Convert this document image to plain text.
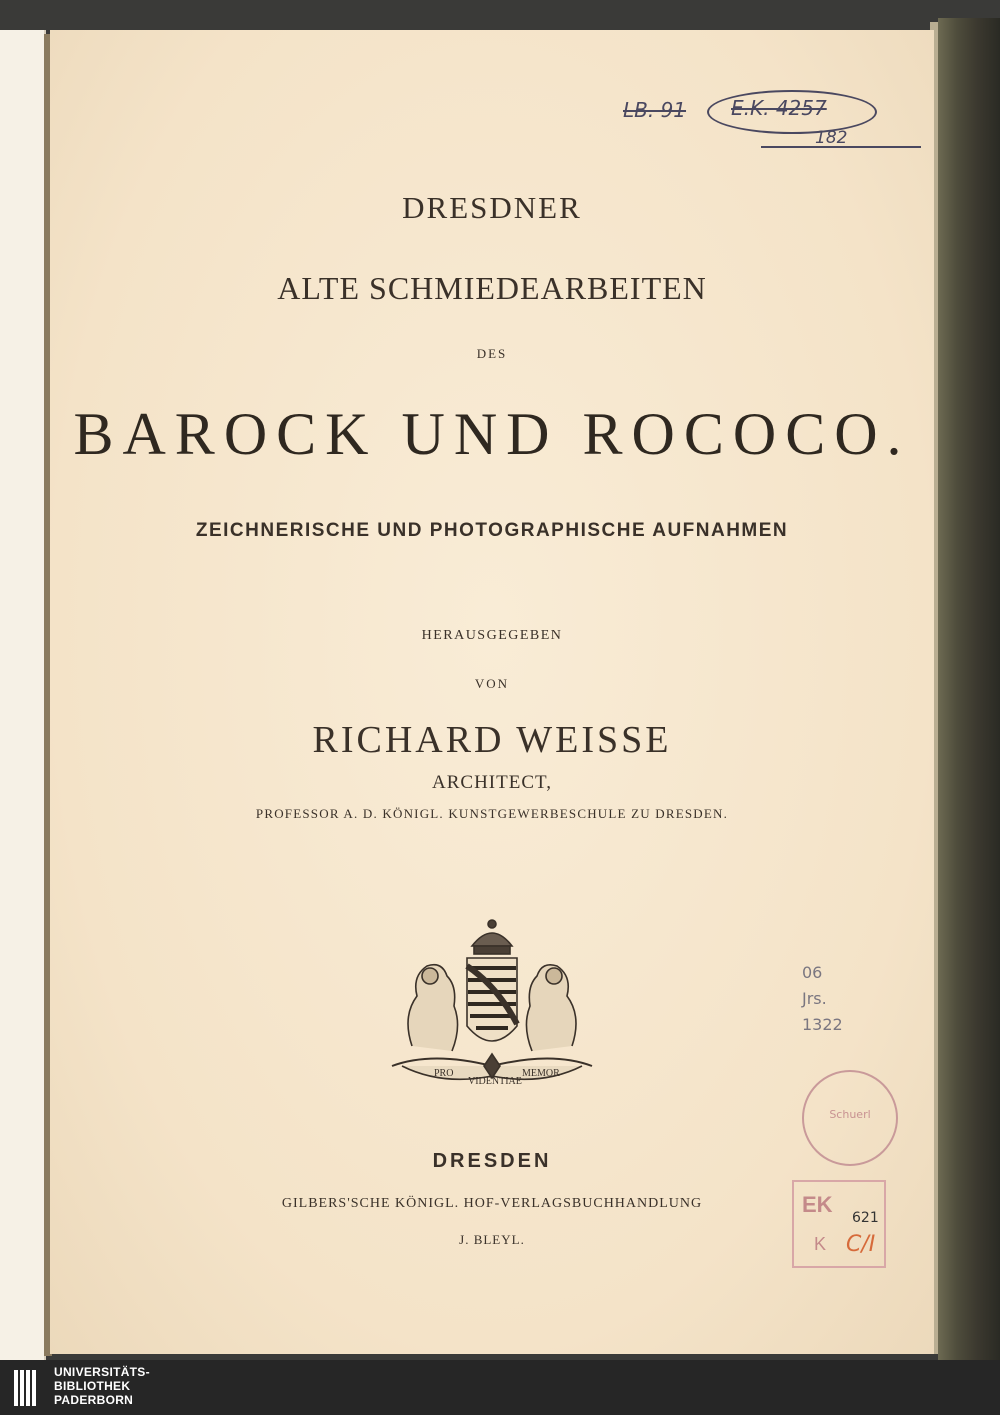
LB. 91 E.K. 4257
182
DRESDNER
ALTE SCHMIEDEARBEITEN
DES
BAROCK UND ROCOCO.
ZEICHNERISCHE UND PHOTOGRAPHISCHE AUFNAHMEN
HERAUSGEGEBEN
VON
RICHARD WEISSE
ARCHITECT,
PROFESSOR A. D. KÖNIGL. KUNSTGEWERBESCHULE ZU DRESDEN.
PRO
VIDENTIAE
MEMOR
06
Jrs.
1322
Schuerl
EK
621
K C/I
DRESDEN
GILBERS'SCHE KÖNIGL. HOF-VERLAGSBUCHHANDLUNG
J. BLEYL.
UNIVERSITÄTS-
BIBLIOTHEK
PADERBORN
